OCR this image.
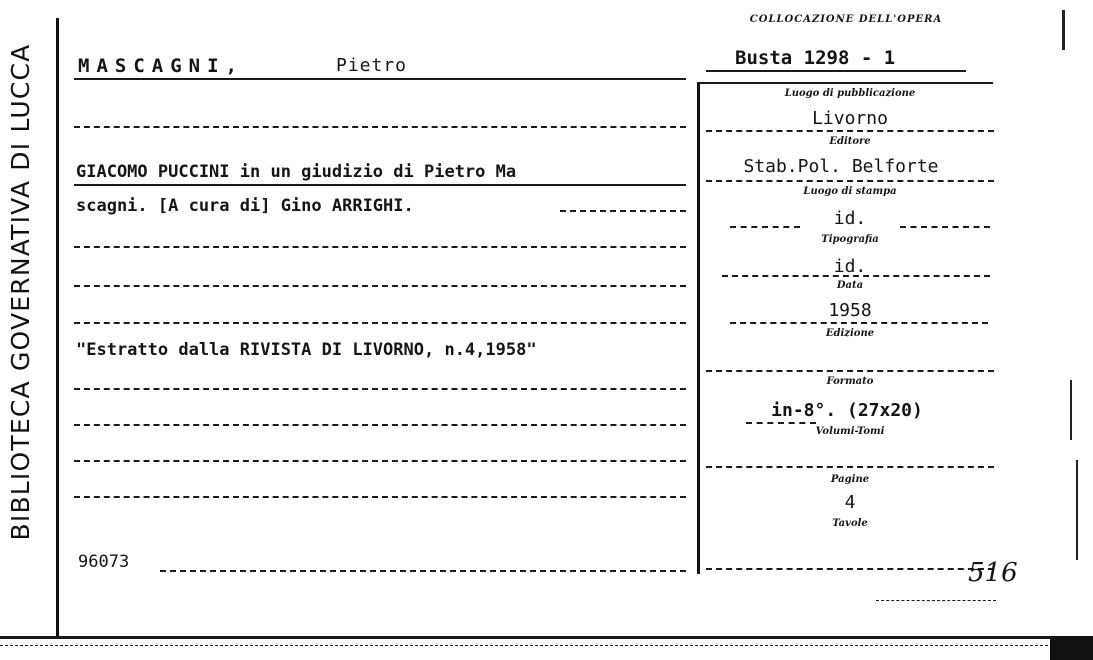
BIBLIOTECA GOVERNATIVA DI LUCCA
COLLOCAZIONE DELL'OPERA
Busta 1298 - 1
MASCAGNI,	Pietro
GIACOMO PUCCINI in un giudizio di Pietro Ma
scagni. [A cura di] Gino ARRIGHI.
"Estratto dalla RIVISTA DI LIVORNO, n.4,1958"
96073
Luogo di pubblicazione
Livorno
Editore
Stab.Pol. Belforte
Luogo di stampa
id.
Tipografia
id.
Data
1958
Edizione
Formato
in-8°. (27x20)
Volumi-Tomi
Pagine
4
Tavole
516
